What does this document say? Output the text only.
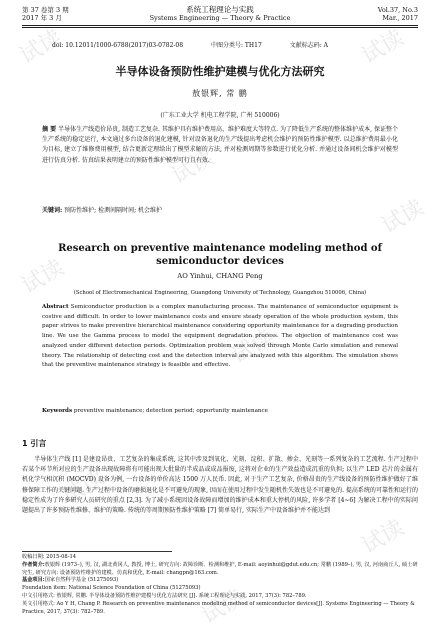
试读	试读
试读
试读
试读
试读
试读
试读
试读
第 37 卷第 3 期
2017 年 3 月
系统工程理论与实践
Systems Engineering — Theory & Practice
Vol.37, No.3
Mar., 2017
doi: 10.12011/1000-6788(2017)03-0782-08	中图分类号: TH17	文献标志码: A
半导体设备预防性维护建模与优化方法研究
敖银辉, 常 鹏
(广东工业大学 机电工程学院, 广州 510006)
摘 要 半导体生产线造价昂贵, 制造工艺复杂. 其维护具有维护费用高、维护难度大等特点. 为了降低生产系统的整体维护成本, 保证整个生产系统的稳定运行, 本文通过多台设备的退化建模, 针对设备退化的生产线提出考虑机会维护的预防性维护模型. 以总维护费用最小化为目标, 建立了维修费用模型, 结合更新定理给出了模型求解的方法, 并对检测周期等参数进行优化分析. 并通过设备间机会维护对模型进行仿真分析. 仿真结果表明建立的预防性维护模型可行且有效.
关键词: 预防性维护; 检测间隔时间; 机会维护
Research on preventive maintenance modeling method of semiconductor devices
AO Yinhui, CHANG Peng
(School of Electromechanical Engineering, Guangdong University of Technology, Guangzhou 510006, China)
Abstract Semiconductor production is a complex manufacturing process. The maintenance of semiconductor equipment is costive and difficult. In order to lower maintenance costs and ensure steady operation of the whole production system, this paper strives to make preventive hierarchical maintenance considering opportunity maintenance for a degrading production line. We use the Gamma process to model the equipment degradation process. The objection of maintenance cost was analyzed under different detection periods. Optimization problem was solved through Monte Carlo simulation and renewal theory. The relationship of detecting cost and the detection interval are analyzed with this algorithm. The simulation shows that the preventive maintenance strategy is feasible and effective.
Keywords preventive maintenance; detection period; opportunity maintenance
1 引言
半导体生产线 [1] 是建设昂贵、工艺复杂的集成系统, 这其中涉及到氧化、光刻、淀积、扩散、掺金、光刻等一系列复杂的工艺流程. 生产过程中若某个环节所对应的生产设备出现故障将有可能出现大批量的半成品或成品报废, 这将对企业的生产效益造成沉重的负担; 以生产 LED 芯片的金属有机化学气相沉积 (MOCVD) 设备为例, 一台设备的单价高达 1500 万人民币. 因此, 对于生产工艺复杂, 价格昂贵的生产线设备的预防性维护做好了维修保障工作的关键问题. 生产过程中设备的磨损退化是不可避免的现象, 因而在使用过程中发生随机性失效也是不可避免的. 提高系统的可靠性和运行的稳定性成为了许多研究人员研究的重点 [2,3]. 为了减小系统因设备故障而增加的维护成本和重大停机的风险, 许多学者 [4~6] 为解决工程中的实际问题提出了许多预防性维修、维护的策略. 传统的等周期预防性维护策略 [7] 简单易行, 实际生产中设备维护并不能达到
收稿日期: 2015-08-14
作者简介:敖银辉 (1973–), 男, 汉, 湖北黄冈人, 教授, 博士, 研究方向: 故障诊断、检测和维护, E-mail: aoyinhui@gdut.edu.cn; 常鹏 (1989–), 男, 汉, 河南商丘人, 硕士研究生, 研究方向: 设备预防性维护的建模、仿真和优化, E-mail: changpn@163.com.
基金项目:国家自然科学基金 (51275093)
Foundation item: National Science Foundation of China (51275093)
中文引用格式: 敖银辉, 常鹏. 半导体设备预防性维护建模与优化方法研究 [J]. 系统工程理论与实践, 2017, 37(3): 782–789.
英文引用格式: Ao Y H, Chang P. Research on preventive maintenance modeling method of semiconductor devices[J]. Systems Engineering — Theory & Practice, 2017, 37(3): 782–789.
